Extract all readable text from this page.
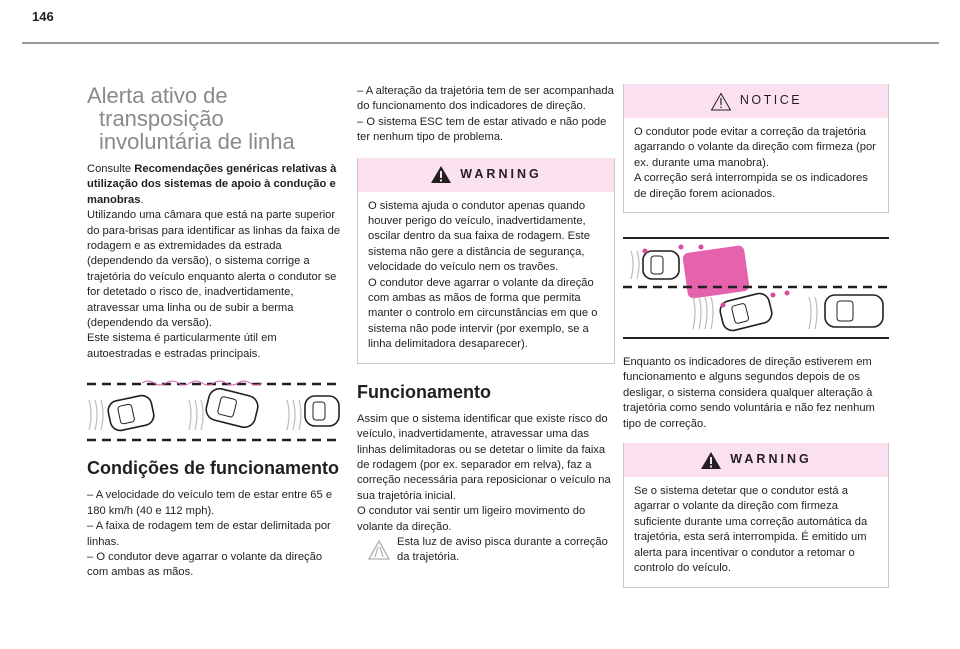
146
Alerta ativo de transposição involuntária de linha

Consulte Recomendações genéricas relativas à utilização dos sistemas de apoio à condução e manobras.

Utilizando uma câmara que está na parte superior do para-brisas para identificar as linhas da faixa de rodagem e as extremidades da estrada (dependendo da versão), o sistema corrige a trajetória do veículo enquanto alerta o condutor se for detetado o risco de, inadvertidamente, atravessar uma linha ou de subir a berma (dependendo da versão).

Este sistema é particularmente útil em autoestradas e estradas principais.

Condições de funcionamento

– A velocidade do veículo tem de estar entre 65 e 180 km/h (40 e 112 mph).

– A faixa de rodagem tem de estar delimitada por linhas.

– O condutor deve agarrar o volante da direção com ambas as mãos.

– A alteração da trajetória tem de ser acompanhada do funcionamento dos indicadores de direção.

– O sistema ESC tem de estar ativado e não pode ter nenhum tipo de problema.

WARNING

O sistema ajuda o condutor apenas quando houver perigo do veículo, inadvertidamente, oscilar dentro da sua faixa de rodagem. Este sistema não gere a distância de segurança, velocidade do veículo nem os travões.

O condutor deve agarrar o volante da direção com ambas as mãos de forma que permita manter o controlo em circunstâncias em que o sistema não pode intervir (por exemplo, se a linha delimitadora desaparecer).

Funcionamento

Assim que o sistema identificar que existe risco do veículo, inadvertidamente, atravessar uma das linhas delimitadoras ou se detetar o limite da faixa de rodagem (por ex. separador em relva), faz a correção necessária para reposicionar o veículo na sua trajetória inicial.

O condutor vai sentir um ligeiro movimento do volante da direção.

Esta luz de aviso pisca durante a correção da trajetória.

NOTICE

O condutor pode evitar a correção da trajetória agarrando o volante da direção com firmeza (por ex. durante uma manobra).

A correção será interrompida se os indicadores de direção forem acionados.

Enquanto os indicadores de direção estiverem em funcionamento e alguns segundos depois de os desligar, o sistema considera qualquer alteração à trajetória como sendo voluntária e não fez nenhum tipo de correção.

WARNING

Se o sistema detetar que o condutor está a agarrar o volante da direção com firmeza suficiente durante uma correção automática da trajetória, esta será interrompida. É emitido um alerta para incentivar o condutor a retomar o controlo do veículo.
